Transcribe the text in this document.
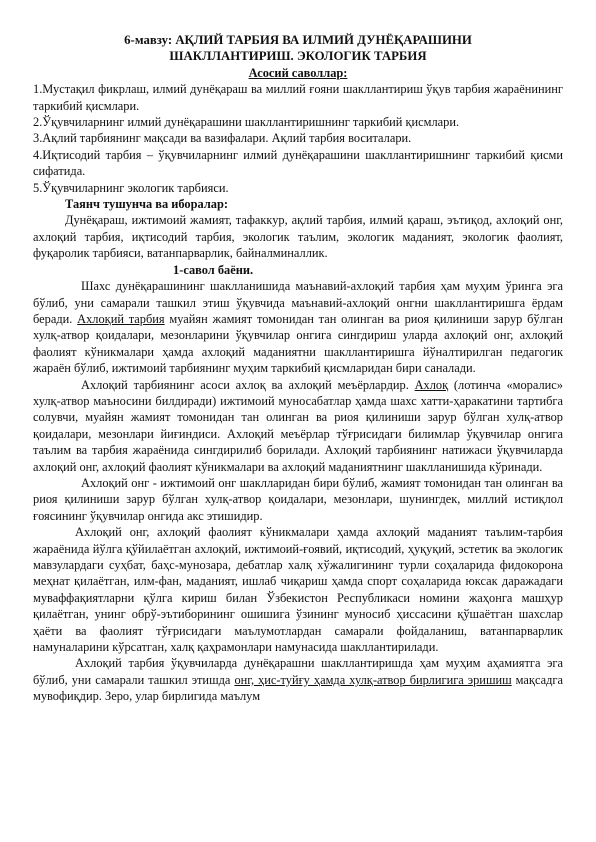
6-мавзу: АҚЛИЙ ТАРБИЯ ВА ИЛМИЙ ДУНЁҚАРАШИНИ

ШАКЛЛАНТИРИШ. ЭКОЛОГИК ТАРБИЯ

Асосий саволлар:

1.Мустақил фикрлаш, илмий дунёқараш ва миллий ғояни шакллантириш ўқув тарбия жараёнининг таркибий қисмлари.

2.Ўқувчиларнинг илмий дунёқарашини шакллантиришнинг таркибий қисмлари.

3.Ақлий тарбиянинг мақсади ва вазифалари. Ақлий тарбия воситалари.

4.Иқтисодий тарбия – ўқувчиларнинг илмий дунёқарашини шакллантиришнинг таркибий қисми сифатида.

5.Ўқувчиларнинг экологик тарбияси.

Таянч тушунча ва иборалар:

Дунёқараш, ижтимоий жамият, тафаккур, ақлий тарбия, илмий қараш, эътиқод, ахлоқий онг, ахлоқий тарбия, иқтисодий тарбия, экологик таълим, экологик маданият, экологик фаолият, фуқаролик тарбияси, ватанпарварлик, байналминаллик.

1-савол баёни.

Шахс дунёқарашининг шаклланишида маънавий-ахлоқий тарбия ҳам муҳим ўринга эга бўлиб, уни самарали ташкил этиш ўқувчида маънавий-ахлоқий онгни шакллантиришга ёрдам беради. Ахлоқий тарбия муайян жамият томонидан тан олинган ва риоя қилиниши зарур бўлган хулқ-атвор қоидалари, мезонларини ўқувчилар онгига сингдириш уларда ахлоқий онг, ахлоқий фаолият кўникмалари ҳамда ахлоқий маданиятни шакллантиришга йўналтирилган педагогик жараён бўлиб, ижтимоий тарбиянинг муҳим таркибий қисмларидан бири саналади.

Ахлоқий тарбиянинг асоси ахлоқ ва ахлоқий меъёрлардир. Ахлоқ (лотинча «моралис» хулқ-атвор маъносини билдиради) ижтимоий муносабатлар ҳамда шахс хатти-ҳаракатини тартибга солувчи, муайян жамият томонидан тан олинган ва риоя қилиниши зарур бўлган хулқ-атвор қоидалари, мезонлари йиғиндиси. Ахлоқий меъёрлар тўғрисидаги билимлар ўқувчилар онгига таълим ва тарбия жараёнида сингдирилиб борилади. Ахлоқий тарбиянинг натижаси ўқувчиларда ахлоқий онг, ахлоқий фаолият кўникмалари ва ахлоқий маданиятнинг шаклланишида кўринади.

Ахлоқий онг - ижтимоий онг шаклларидан бири бўлиб, жамият томонидан тан олинган ва риоя қилиниши зарур бўлган хулқ-атвор қоидалари, мезонлари, шунингдек, миллий истиқлол ғоясининг ўқувчилар онгида акс этишидир.

Ахлоқий онг, ахлоқий фаолият кўникмалари ҳамда ахлоқий маданият таълим-тарбия жараёнида йўлга қўйилаётган ахлоқий, ижтимоий-ғоявий, иқтисодий, ҳуқуқий, эстетик ва экологик мавзулардаги суҳбат, баҳс-мунозара, дебатлар халқ хўжалигининг турли соҳаларида фидокорона меҳнат қилаётган, илм-фан, маданият, ишлаб чиқариш ҳамда спорт соҳаларида юксак даражадаги муваффақиятларни қўлга кириш билан Ўзбекистон Республикаси номини жаҳонга машҳур қилаётган, унинг обрў-эътиборининг ошишига ўзининг муносиб ҳиссасини қўшаётган шахслар ҳаёти ва фаолият тўғрисидаги маълумотлардан самарали фойдаланиш, ватанпарварлик намуналарини кўрсатган, халқ қаҳрамонлари намунасида шакллантирилади.

Ахлоқий тарбия ўқувчиларда дунёқарашни шакллантиришда ҳам муҳим аҳамиятга эга бўлиб, уни самарали ташкил этишда онг, ҳис-туйғу ҳамда хулқ-атвор бирлигига эришиш мақсадга мувофиқдир. Зеро, улар бирлигида маълум
